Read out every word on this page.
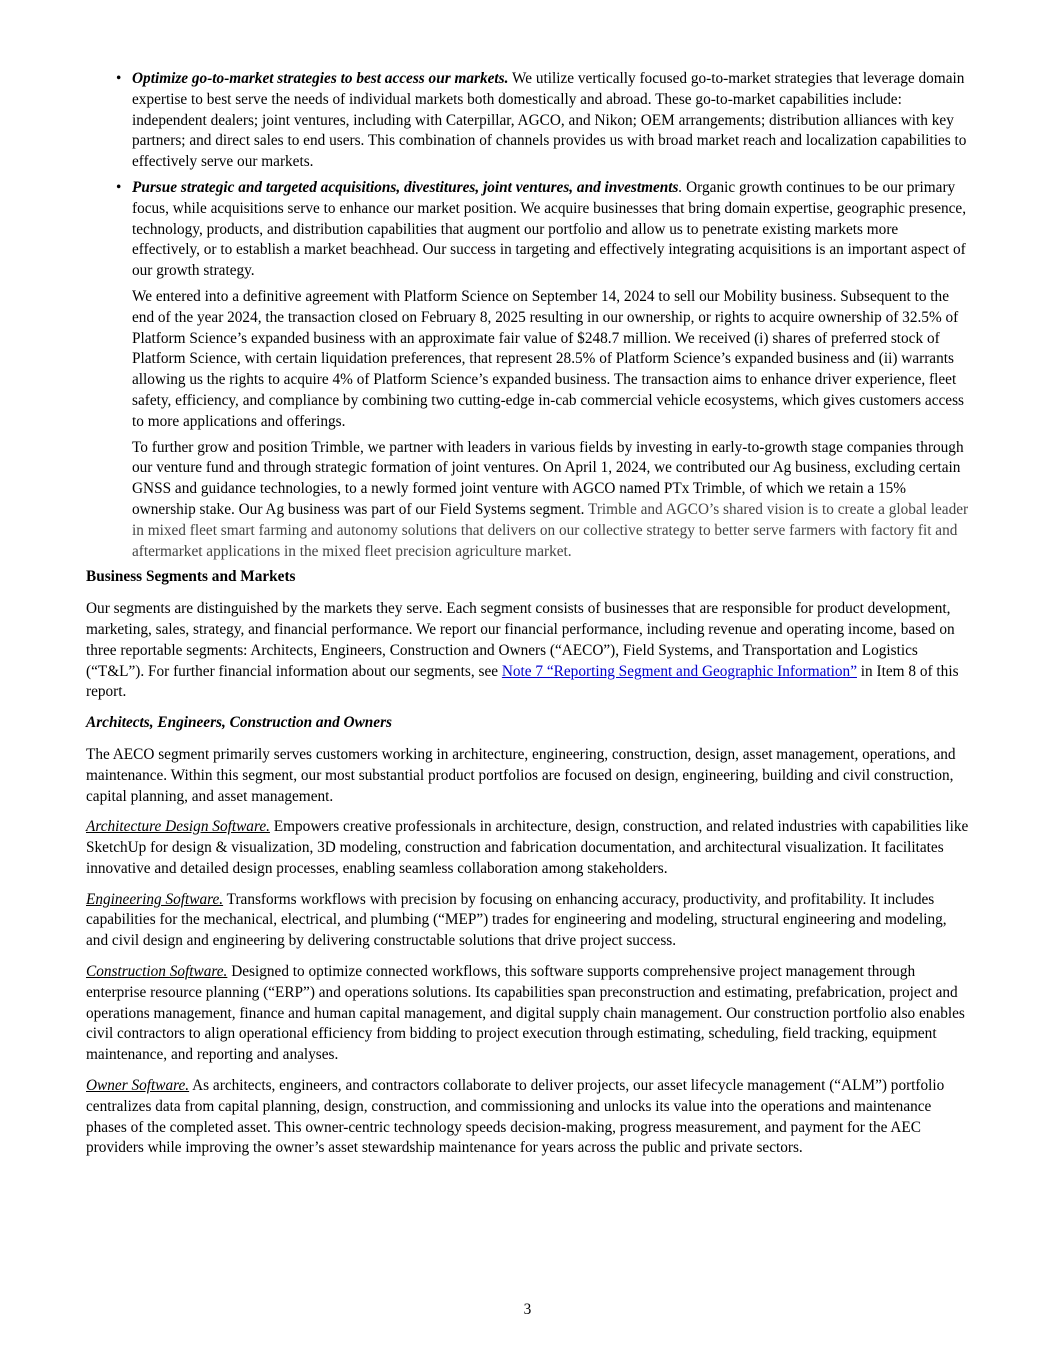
• Optimize go-to-market strategies to best access our markets. We utilize vertically focused go-to-market strategies that leverage domain expertise to best serve the needs of individual markets both domestically and abroad. These go-to-market capabilities include: independent dealers; joint ventures, including with Caterpillar, AGCO, and Nikon; OEM arrangements; distribution alliances with key partners; and direct sales to end users. This combination of channels provides us with broad market reach and localization capabilities to effectively serve our markets.

• Pursue strategic and targeted acquisitions, divestitures, joint ventures, and investments. Organic growth continues to be our primary focus, while acquisitions serve to enhance our market position. We acquire businesses that bring domain expertise, geographic presence, technology, products, and distribution capabilities that augment our portfolio and allow us to penetrate existing markets more effectively, or to establish a market beachhead. Our success in targeting and effectively integrating acquisitions is an important aspect of our growth strategy.

We entered into a definitive agreement with Platform Science on September 14, 2024 to sell our Mobility business. Subsequent to the end of the year 2024, the transaction closed on February 8, 2025 resulting in our ownership, or rights to acquire ownership of 32.5% of Platform Science’s expanded business with an approximate fair value of $248.7 million. We received (i) shares of preferred stock of Platform Science, with certain liquidation preferences, that represent 28.5% of Platform Science’s expanded business and (ii) warrants allowing us the rights to acquire 4% of Platform Science’s expanded business. The transaction aims to enhance driver experience, fleet safety, efficiency, and compliance by combining two cutting-edge in-cab commercial vehicle ecosystems, which gives customers access to more applications and offerings.

To further grow and position Trimble, we partner with leaders in various fields by investing in early-to-growth stage companies through our venture fund and through strategic formation of joint ventures. On April 1, 2024, we contributed our Ag business, excluding certain GNSS and guidance technologies, to a newly formed joint venture with AGCO named PTx Trimble, of which we retain a 15% ownership stake. Our Ag business was part of our Field Systems segment. Trimble and AGCO’s shared vision is to create a global leader in mixed fleet smart farming and autonomy solutions that delivers on our collective strategy to better serve farmers with factory fit and aftermarket applications in the mixed fleet precision agriculture market.

Business Segments and Markets

Our segments are distinguished by the markets they serve. Each segment consists of businesses that are responsible for product development, marketing, sales, strategy, and financial performance. We report our financial performance, including revenue and operating income, based on three reportable segments: Architects, Engineers, Construction and Owners (“AECO”), Field Systems, and Transportation and Logistics (“T&L”). For further financial information about our segments, see Note 7 “Reporting Segment and Geographic Information” in Item 8 of this report.

Architects, Engineers, Construction and Owners

The AECO segment primarily serves customers working in architecture, engineering, construction, design, asset management, operations, and maintenance. Within this segment, our most substantial product portfolios are focused on design, engineering, building and civil construction, capital planning, and asset management.

Architecture Design Software. Empowers creative professionals in architecture, design, construction, and related industries with capabilities like SketchUp for design & visualization, 3D modeling, construction and fabrication documentation, and architectural visualization. It facilitates innovative and detailed design processes, enabling seamless collaboration among stakeholders.

Engineering Software. Transforms workflows with precision by focusing on enhancing accuracy, productivity, and profitability. It includes capabilities for the mechanical, electrical, and plumbing (“MEP”) trades for engineering and modeling, structural engineering and modeling, and civil design and engineering by delivering constructable solutions that drive project success.

Construction Software. Designed to optimize connected workflows, this software supports comprehensive project management through enterprise resource planning (“ERP”) and operations solutions. Its capabilities span preconstruction and estimating, prefabrication, project and operations management, finance and human capital management, and digital supply chain management. Our construction portfolio also enables civil contractors to align operational efficiency from bidding to project execution through estimating, scheduling, field tracking, equipment maintenance, and reporting and analyses.

Owner Software. As architects, engineers, and contractors collaborate to deliver projects, our asset lifecycle management (“ALM”) portfolio centralizes data from capital planning, design, construction, and commissioning and unlocks its value into the operations and maintenance phases of the completed asset. This owner-centric technology speeds decision-making, progress measurement, and payment for the AEC providers while improving the owner’s asset stewardship maintenance for years across the public and private sectors.

3
